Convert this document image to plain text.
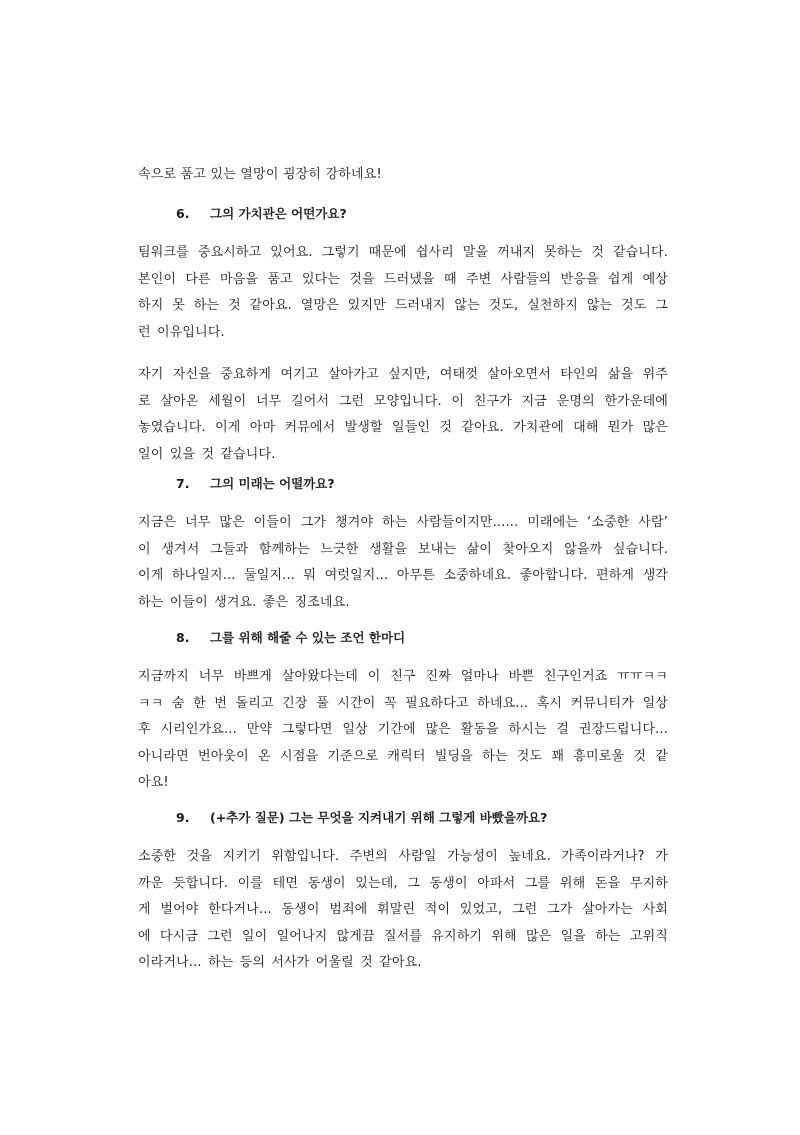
속으로 품고 있는 열망이 굉장히 강하네요!
6. 그의 가치관은 어떤가요?
팀워크를 중요시하고 있어요. 그렇기 때문에 쉽사리 말을 꺼내지 못하는 것 같습니다.
본인이 다른 마음을 품고 있다는 것을 드러냈을 때 주변 사람들의 반응을 쉽게 예상
하지 못 하는 것 같아요. 열망은 있지만 드러내지 않는 것도, 실천하지 않는 것도 그
런 이유입니다.
자기 자신을 중요하게 여기고 살아가고 싶지만, 여태껏 살아오면서 타인의 삶을 위주
로 살아온 세월이 너무 길어서 그런 모양입니다. 이 친구가 지금 운명의 한가운데에
놓였습니다. 이게 아마 커뮤에서 발생할 일들인 것 같아요. 가치관에 대해 뭔가 많은
일이 있을 것 같습니다.
7. 그의 미래는 어떨까요?
지금은 너무 많은 이들이 그가 챙겨야 하는 사람들이지만...... 미래에는 ‘소중한 사람’
이 생겨서 그들과 함께하는 느긋한 생활을 보내는 삶이 찾아오지 않을까 싶습니다.
이게 하나일지... 둘일지... 뭐 여럿일지... 아무튼 소중하네요. 좋아합니다. 편하게 생각
하는 이들이 생겨요. 좋은 징조네요.
8. 그를 위해 해줄 수 있는 조언 한마디
지금까지 너무 바쁘게 살아왔다는데 이 친구 진짜 얼마나 바쁜 친구인거죠 ㅠㅠㅋㅋ
ㅋㅋ 숨 한 번 돌리고 긴장 풀 시간이 꼭 필요하다고 하네요... 혹시 커뮤니티가 일상
후 시리인가요... 만약 그렇다면 일상 기간에 많은 활동을 하시는 걸 권장드립니다...
아니라면 번아웃이 온 시점을 기준으로 캐릭터 빌딩을 하는 것도 꽤 흥미로울 것 같
아요!
9. (+추가 질문) 그는 무엇을 지켜내기 위해 그렇게 바빴을까요?
소중한 것을 지키기 위함입니다. 주변의 사람일 가능성이 높네요. 가족이라거나? 가
까운 듯합니다. 이를 테면 동생이 있는데, 그 동생이 아파서 그를 위해 돈을 무지하
게 벌어야 한다거나... 동생이 범죄에 휘말린 적이 있었고, 그런 그가 살아가는 사회
에 다시금 그런 일이 일어나지 않게끔 질서를 유지하기 위해 많은 일을 하는 고위직
이라거나... 하는 등의 서사가 어울릴 것 같아요.
